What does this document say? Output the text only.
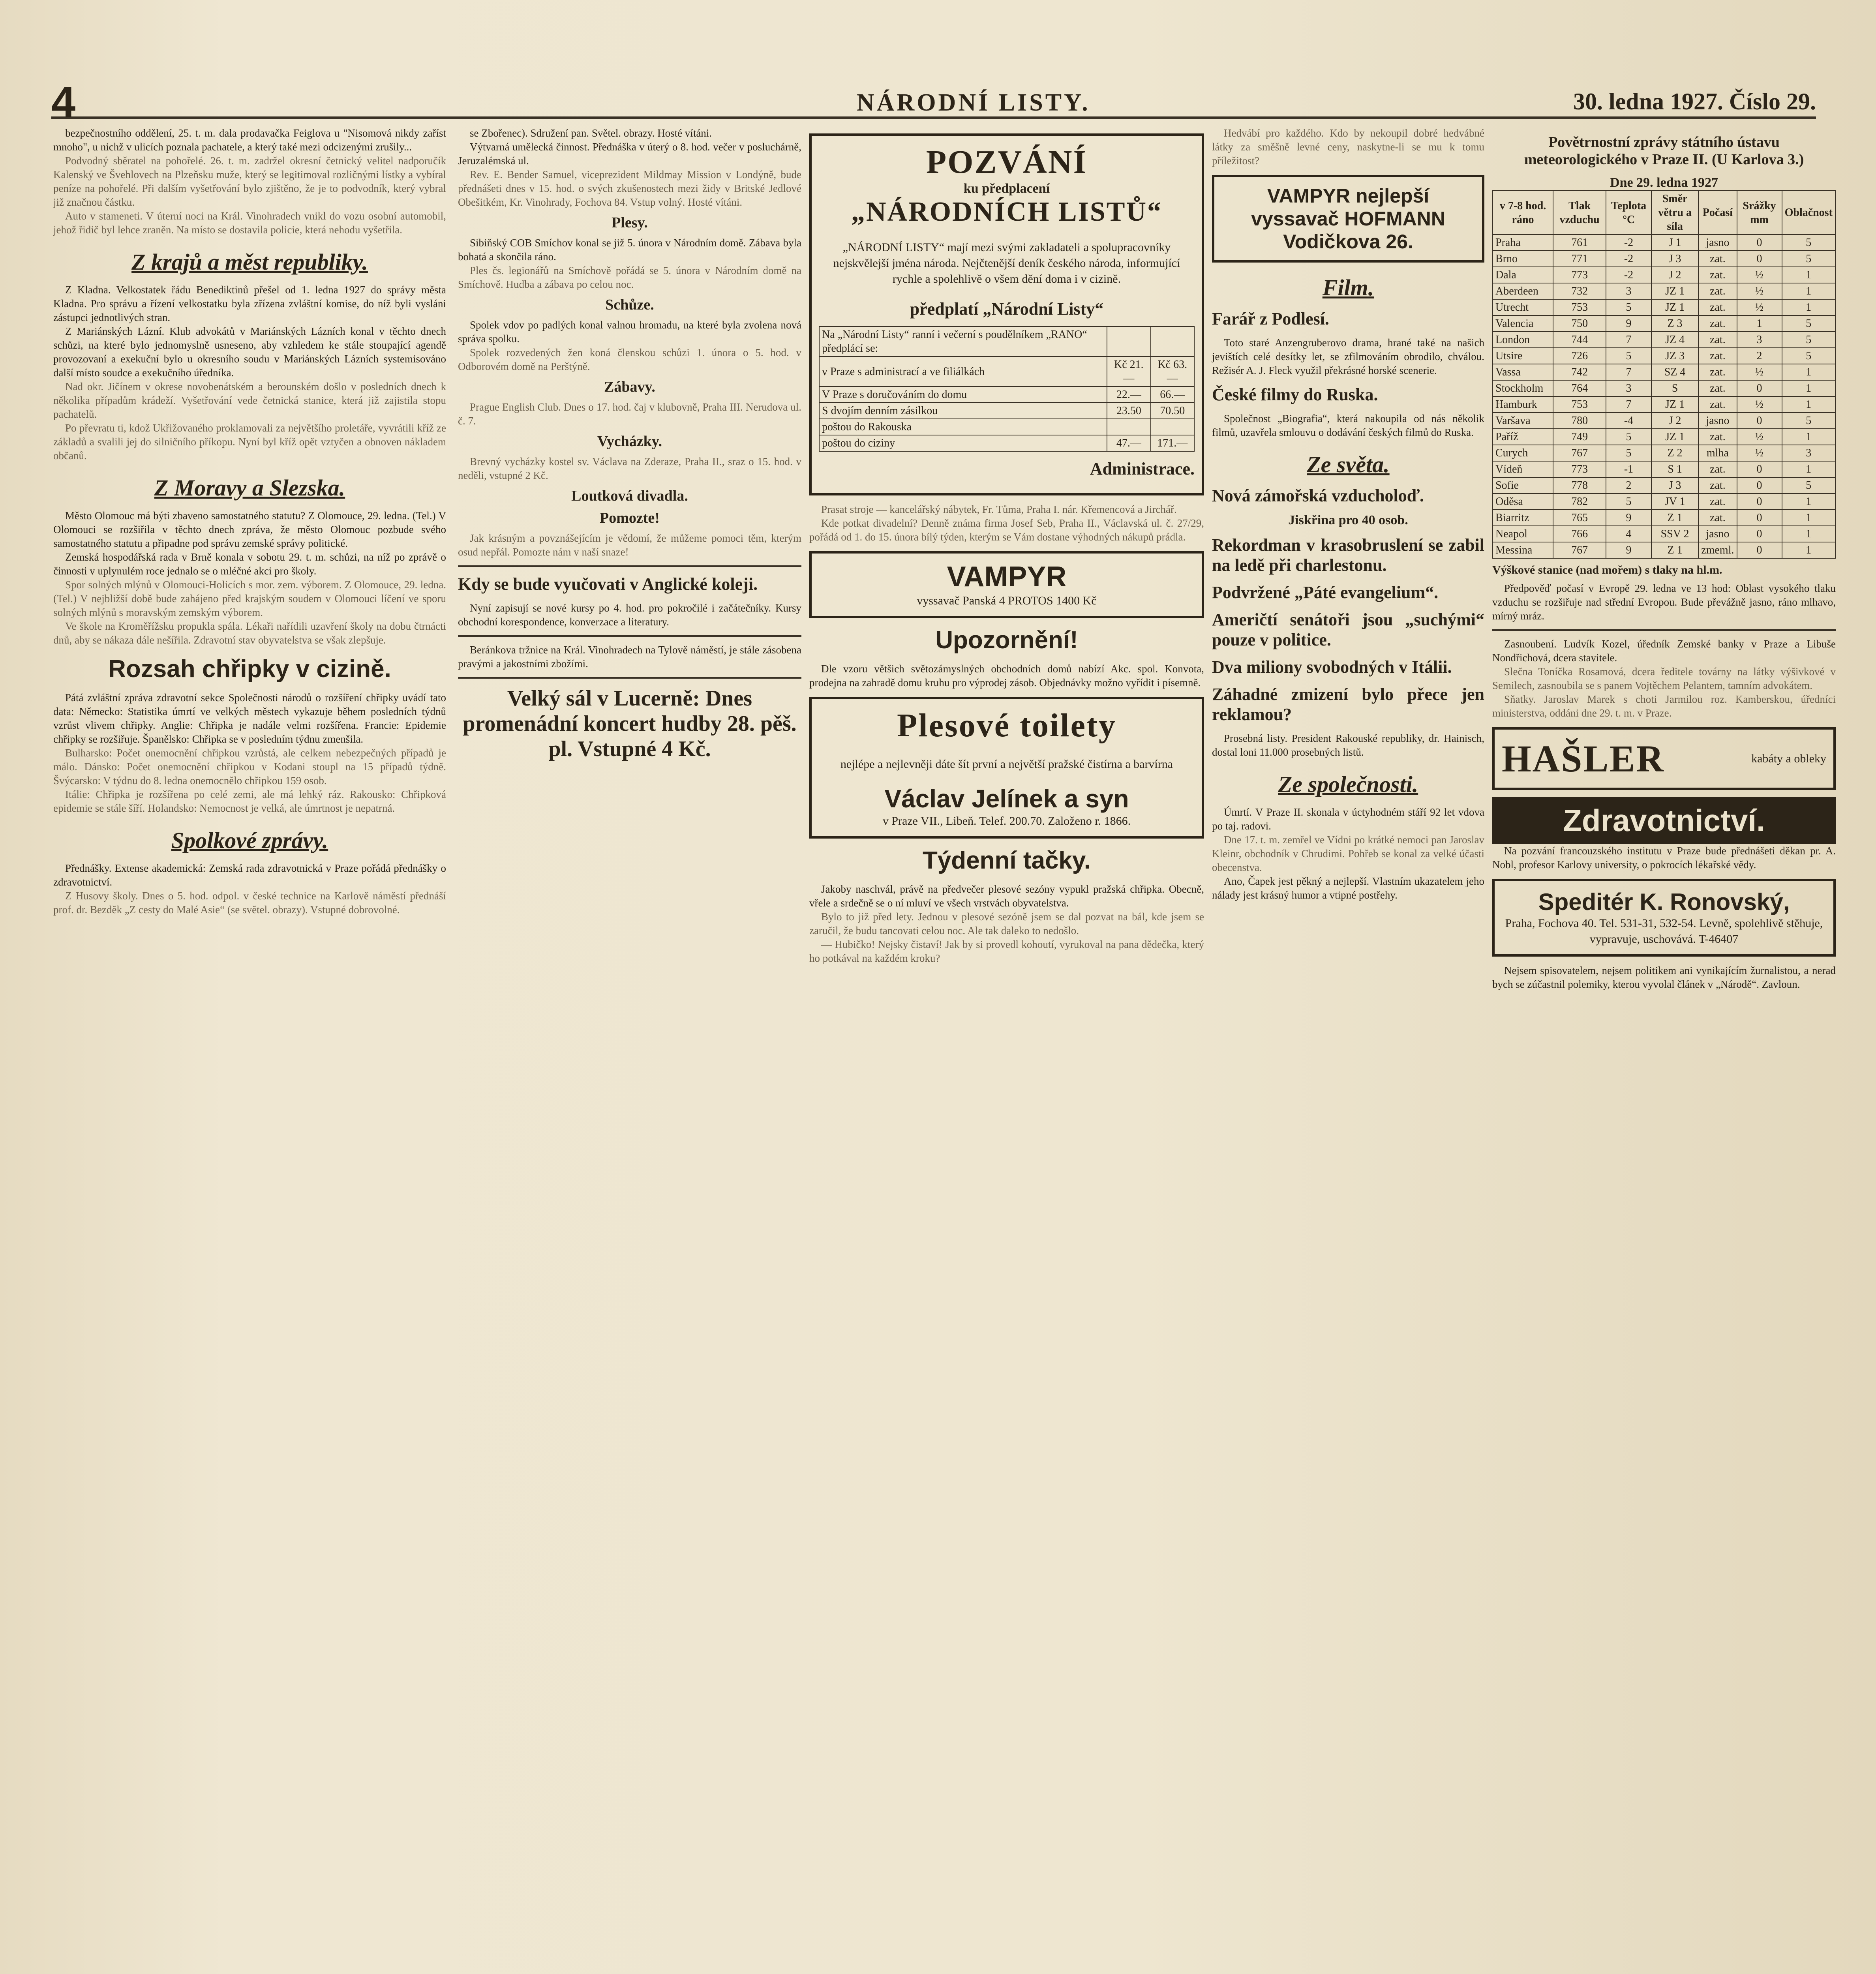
4	NÁRODNÍ LISTY.	30. ledna 1927. Číslo 29.

bezpečnostního oddělení, 25. t. m. dala prodavačka Feiglova u "Nisomová nikdy zaříst mnoho", u nichž v ulicích poznala pachatele, a který také mezi odcizenými zrušily...

Podvodný sběratel na pohořelé. 26. t. m. zadržel okresní četnický velitel nadporučík Kalenský ve Švehlovech na Plzeňsku muže, který se legitimoval rozličnými lístky a vybíral peníze na pohořelé. Při dalším vyšetřování bylo zjištěno, že je to podvodník, který vybral již značnou částku.

Auto v stameneti. V úterní noci na Král. Vinohradech vnikl do vozu osobní automobil, jehož řidič byl lehce zraněn. Na místo se dostavila policie, která nehodu vyšetřila.

Z krajů a měst republiky.

Z Kladna. Velkostatek řádu Benediktinů přešel od 1. ledna 1927 do správy města Kladna. Pro správu a řízení velkostatku byla zřízena zvláštní komise, do níž byli vysláni zástupci jednotlivých stran.

Z Mariánských Lázní. Klub advokátů v Mariánských Lázních konal v těchto dnech schůzi, na které bylo jednomyslně usneseno, aby vzhledem ke stále stoupající agendě provozovaní a exekuční bylo u okresního soudu v Mariánských Lázních systemisováno další místo soudce a exekučního úředníka.

Nad okr. Jičínem v okrese novobenátském a berounském došlo v posledních dnech k několika případům krádeží. Vyšetřování vede četnická stanice, která již zajistila stopu pachatelů.

Po převratu ti, kdož Ukřižovaného proklamovali za největšího proletáře, vyvrátili kříž ze základů a svalili jej do silničního příkopu. Nyní byl kříž opět vztyčen a obnoven nákladem občanů.

Z Moravy a Slezska.

Město Olomouc má býti zbaveno samostatného statutu? Z Olomouce, 29. ledna. (Tel.) V Olomouci se rozšiřila v těchto dnech zpráva, že město Olomouc pozbude svého samostatného statutu a připadne pod správu zemské správy politické.

Zemská hospodářská rada v Brně konala v sobotu 29. t. m. schůzi, na níž po zprávě o činnosti v uplynulém roce jednalo se o mléčné akci pro školy.

Spor solných mlýnů v Olomouci-Holicích s mor. zem. výborem. Z Olomouce, 29. ledna. (Tel.) V nejbližší době bude zahájeno před krajským soudem v Olomouci líčení ve sporu solných mlýnů s moravským zemským výborem.

Ve škole na Kroměřížsku propukla spála. Lékaři nařídili uzavření školy na dobu čtrnácti dnů, aby se nákaza dále nešířila. Zdravotní stav obyvatelstva se však zlepšuje.

Rozsah chřipky v cizině.

Pátá zvláštní zpráva zdravotní sekce Společnosti národů o rozšíření chřipky uvádí tato data: Německo: Statistika úmrtí ve velkých městech vykazuje během posledních týdnů vzrůst vlivem chřipky. Anglie: Chřipka je nadále velmi rozšířena. Francie: Epidemie chřipky se rozšiřuje. Španělsko: Chřipka se v posledním týdnu zmenšila.

Bulharsko: Počet onemocnění chřipkou vzrůstá, ale celkem nebezpečných případů je málo. Dánsko: Počet onemocnění chřipkou v Kodani stoupl na 15 případů týdně. Švýcarsko: V týdnu do 8. ledna onemocnělo chřipkou 159 osob.

Itálie: Chřipka je rozšířena po celé zemi, ale má lehký ráz. Rakousko: Chřipková epidemie se stále šíří. Holandsko: Nemocnost je velká, ale úmrtnost je nepatrná.

Spolkové zprávy.

Přednášky. Extense akademická: Zemská rada zdravotnická v Praze pořádá přednášky o zdravotnictví.

Z Husovy školy. Dnes o 5. hod. odpol. v české technice na Karlově náměstí přednáší prof. dr. Bezděk „Z cesty do Malé Asie“ (se světel. obrazy). Vstupné dobrovolné.

se Zbořenec). Sdružení pan. Světel. obrazy. Hosté vítáni.

Výtvarná umělecká činnost. Přednáška v úterý o 8. hod. večer v posluchárně, Jeruzalémská ul.

Rev. E. Bender Samuel, viceprezident Mildmay Mission v Londýně, bude přednášeti dnes v 15. hod. o svých zkušenostech mezi židy v Britské Jedlové Obešitkém, Kr. Vinohrady, Fochova 84. Vstup volný. Hosté vítáni.

Plesy.

Sibiňský COB Smíchov konal se již 5. února v Národním domě. Zábava byla bohatá a skončila ráno.

Ples čs. legionářů na Smíchově pořádá se 5. února v Národním domě na Smíchově. Hudba a zábava po celou noc.

Schůze.

Spolek vdov po padlých konal valnou hromadu, na které byla zvolena nová správa spolku.

Spolek rozvedených žen koná členskou schůzi 1. února o 5. hod. v Odborovém domě na Perštýně.

Zábavy.

Prague English Club. Dnes o 17. hod. čaj v klubovně, Praha III. Nerudova ul. č. 7.

Vycházky.

Brevný vycházky kostel sv. Václava na Zderaze, Praha II., sraz o 15. hod. v neděli, vstupné 2 Kč.

Loutková divadla.
Pomozte!

Jak krásným a povznášejícím je vědomí, že můžeme pomoci těm, kterým osud nepřál. Pomozte nám v naší snaze!

Kdy se bude vyučovati v Anglické koleji.

Nyní zapisují se nové kursy po 4. hod. pro pokročilé i začátečníky. Kursy obchodní korespondence, konverzace a literatury.

Beránkova tržnice na Král. Vinohradech na Tylově náměstí, je stále zásobena pravými a jakostními zbožími.

Velký sál v Lucerně: Dnes promenádní koncert hudby 28. pěš. pl. Vstupné 4 Kč.
POZVÁNÍ
ku předplacení
„NÁRODNÍCH LISTŮ“

„NÁRODNÍ LISTY“ mají mezi svými zakladateli a spolupracovníky nejskvělejší jména národa. Nejčtenější deník českého národa, informující rychle a spolehlivě o všem dění doma i v cizině.

předplatí „Národní Listy“
Na „Národní Listy“ ranní i večerní s poudělníkem „RANO“ předplácí se:		
v Praze s administrací a ve filiálkách	Kč 21.—	Kč 63.—
V Praze s doručováním do domu	22.—	66.—
S dvojím denním zásilkou	23.50	70.50
poštou do Rakouska		
poštou do ciziny	47.—	171.—
Administrace.

Prasat stroje — kancelářský nábytek, Fr. Tůma, Praha I. nár. Křemencová a Jirchář.

Kde potkat divadelní? Denně známa firma Josef Seb, Praha II., Václavská ul. č. 27/29, pořádá od 1. do 15. února bílý týden, kterým se Vám dostane výhodných nákupů prádla.

VAMPYR
vyssavač Panská 4 PROTOS 1400 Kč
Upozornění!

Dle vzoru většich světozámyslných obchodních domů nabízí Akc. spol. Konvota, prodejna na zahradě domu kruhu pro výprodej zásob. Objednávky možno vyřídit i písemně.

Plesové toilety

nejlépe a nejlevněji dáte šít první a největší pražské čistírna a barvírna

Václav Jelínek a syn
v Praze VII., Libeň. Telef. 200.70. Založeno r. 1866.
Týdenní tačky.

Jakoby naschvál, právě na předvečer plesové sezóny vypukl pražská chřipka. Obecně, vřele a srdečně se o ní mluví ve všech vrstvách obyvatelstva.

Bylo to již před lety. Jednou v plesové sezóně jsem se dal pozvat na bál, kde jsem se zaručil, že budu tancovati celou noc. Ale tak daleko to nedošlo.

— Hubičko! Nejsky čistaví! Jak by si provedl kohoutí, vyrukoval na pana dědečka, který ho potkával na každém kroku?

Hedvábí pro každého. Kdo by nekoupil dobré hedvábné látky za směšně levné ceny, naskytne-li se mu k tomu příležitost?

VAMPYR nejlepší vyssavač HOFMANN Vodičkova 26.
Film.
Farář z Podlesí.

Toto staré Anzengruberovo drama, hrané také na našich jevištích celé desítky let, se zfilmováním obrodilo, chválou. Režisér A. J. Fleck využil překrásné horské scenerie.

České filmy do Ruska.

Společnost „Biografia“, která nakoupila od nás několik filmů, uzavřela smlouvu o dodávání českých filmů do Ruska.

Ze světa.
Nová zámořská vzducholoď.
Jiskřina pro 40 osob.
Rekordman v krasobruslení se zabil na ledě při charlestonu.
Podvržené „Páté evangelium“.
Američtí senátoři jsou „suchými“ pouze v politice.
Dva miliony svobodných v Itálii.
Záhadné zmizení bylo přece jen reklamou?

Prosebná listy. President Rakouské republiky, dr. Hainisch, dostal loni 11.000 prosebných listů.

Ze společnosti.

Úmrtí. V Praze II. skonala v úctyhodném stáří 92 let vdova po taj. radovi.

Dne 17. t. m. zemřel ve Vídni po krátké nemoci pan Jaroslav Kleinr, obchodník v Chrudimi. Pohřeb se konal za velké účasti obecenstva.

Ano, Čapek jest pěkný a nejlepší. Vlastním ukazatelem jeho nálady jest krásný humor a vtipné postřehy.

Povětrnostní zprávy státního ústavu meteorologického v Praze II. (U Karlova 3.)
Dne 29. ledna 1927
v 7-8 hod. ráno	Tlak vzduchu	Teplota °C	Směr větru a síla	Počasí	Srážky mm	Oblačnost
Praha	761	-2	J 1	jasno	0	5
Brno	771	-2	J 3	zat.	0	5
Dala	773	-2	J 2	zat.	½	1
Aberdeen	732	3	JZ 1	zat.	½	1
Utrecht	753	5	JZ 1	zat.	½	1
Valencia	750	9	Z 3	zat.	1	5
London	744	7	JZ 4	zat.	3	5
Utsire	726	5	JZ 3	zat.	2	5
Vassa	742	7	SZ 4	zat.	½	1
Stockholm	764	3	S	zat.	0	1
Hamburk	753	7	JZ 1	zat.	½	1
Varšava	780	-4	J 2	jasno	0	5
Paříž	749	5	JZ 1	zat.	½	1
Curych	767	5	Z 2	mlha	½	3
Vídeň	773	-1	S 1	zat.	0	1
Sofie	778	2	J 3	zat.	0	5
Oděsa	782	5	JV 1	zat.	0	1
Biarritz	765	9	Z 1	zat.	0	1
Neapol	766	4	SSV 2	jasno	0	1
Messina	767	9	Z 1	zmeml.	0	1
Výškové stanice (nad mořem) s tlaky na hl.m.

Předpověď počasí v Evropě 29. ledna ve 13 hod: Oblast vysokého tlaku vzduchu se rozšiřuje nad střední Evropou. Bude převážně jasno, ráno mlhavo, mírný mráz.

Zasnoubení. Ludvík Kozel, úředník Zemské banky v Praze a Libuše Nondřichová, dcera stavitele.

Slečna Toníčka Rosamová, dcera ředitele továrny na látky výšivkové v Semilech, zasnoubila se s panem Vojtěchem Pelantem, tamním advokátem.

Sňatky. Jaroslav Marek s choti Jarmilou roz. Kamberskou, úředníci ministerstva, oddáni dne 29. t. m. v Praze.

HAŠLER	kabáty a obleky
Zdravotnictví.

Na pozvání francouzského institutu v Praze bude přednášeti děkan pr. A. Nobl, profesor Karlovy university, o pokrocích lékařské vědy.

Speditér K. Ronovský,
Praha, Fochova 40. Tel. 531-31, 532-54. Levně, spolehlivě stěhuje, vypravuje, uschovává. T-46407

Nejsem spisovatelem, nejsem politikem ani vynikajícím žurnalistou, a nerad bych se zúčastnil polemiky, kterou vyvolal článek v „Národě“. Zavloun.
